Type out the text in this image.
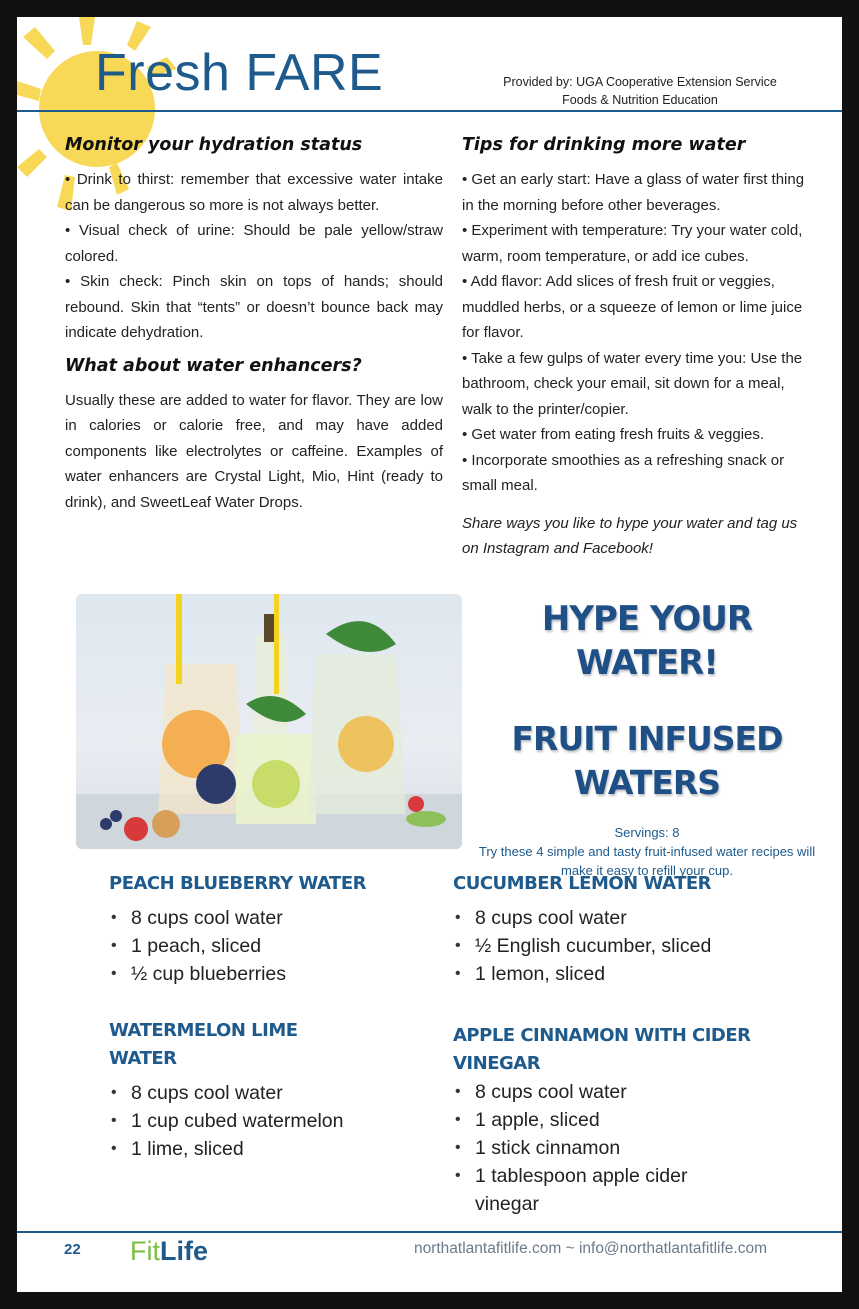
Fresh FARE	Provided by: UGA Cooperative Extension Service
Foods & Nutrition Education
Monitor your hydration status

• Drink to thirst: remember that excessive water intake can be dangerous so more is not always better.

• Visual check of urine: Should be pale yellow/straw colored.

• Skin check: Pinch skin on tops of hands; should rebound. Skin that “tents” or doesn’t bounce back may indicate dehydration.

What about water enhancers?

Usually these are added to water for flavor. They are low in calories or calorie free, and may have added components like electrolytes or caffeine. Examples of water enhancers are Crystal Light, Mio, Hint (ready to drink), and SweetLeaf Water Drops.

Tips for drinking more water

• Get an early start: Have a glass of water first thing in the morning before other beverages.

• Experiment with temperature: Try your water cold, warm, room temperature, or add ice cubes.

• Add flavor: Add slices of fresh fruit or veggies, muddled herbs, or a squeeze of lemon or lime juice for flavor.

• Take a few gulps of water every time you: Use the bathroom, check your email, sit down for a meal, walk to the printer/copier.

• Get water from eating fresh fruits & veggies.

• Incorporate smoothies as a refreshing snack or small meal.

Share ways you like to hype your water and tag us on Instagram and Facebook!
HYPE YOUR WATER!
FRUIT INFUSED
WATERS
Servings: 8
Try these 4 simple and tasty fruit-infused water recipes will make it easy to refill your cup.
PEACH BLUEBERRY WATER
• 8 cups cool water
• 1 peach, sliced
• ½ cup blueberries
CUCUMBER LEMON WATER
• 8 cups cool water
• ½ English cucumber, sliced
• 1 lemon, sliced
WATERMELON LIME
WATER
• 8 cups cool water
• 1 cup cubed watermelon
• 1 lime, sliced
APPLE CINNAMON WITH CIDER VINEGAR
• 8 cups cool water
• 1 apple, sliced
• 1 stick cinnamon
• 1 tablespoon apple cider vinegar
22 FitLife	northatlantafitlife.com ~ info@northatlantafitlife.com
